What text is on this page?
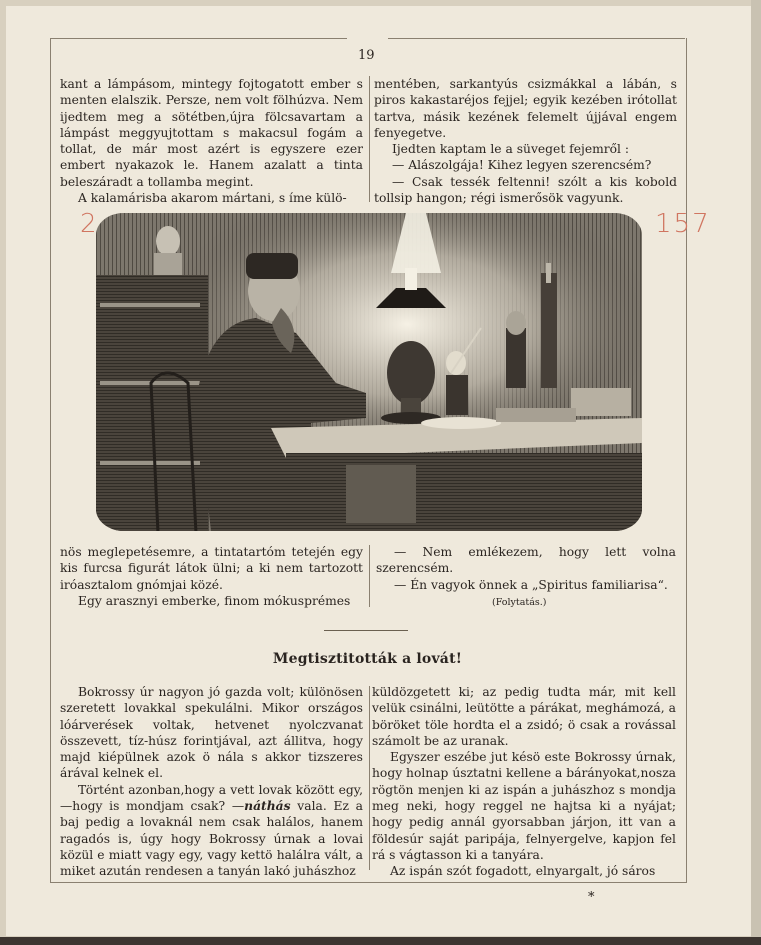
19

kant a lámpásom, mintegy fojtogatott ember s menten elalszik. Persze, nem volt fölhúzva. Nem ijedtem meg a sötétben,újra fölcsavartam a lámpást meggyujtottam s makacsul fogám a tollat, de már most azért is egyszere ezer embert nyakazok le. Hanem azalatt a tinta beleszáradt a tollamba megint.

A kalamárisba akarom mártani, s íme külö-

mentében, sarkantyús csizmákkal a lábán, s piros kakastaréjos fejjel; egyik kezében irótollat tartva, másik kezének felemelt újjával engem fenyegetve.

Ijedten kaptam le a süveget fejemről :

— Alászolgája! Kihez legyen szerencsém?

— Csak tessék feltenni! szólt a kis kobold tollsip hangon; régi ismerősök vagyunk.

2	157

nös meglepetésemre, a tintatartóm tetején egy kis furcsa figurát látok ülni; a ki nem tartozott iróasztalom gnómjai közé.

Egy arasznyi emberke, finom mókusprémes

— Nem emlékezem, hogy lett volna szerencsém.

— Én vagyok önnek a „Spiritus familiarisa“.

(Folytatás.)
Megtisztitották a lovát!

Bokrossy úr nagyon jó gazda volt; különösen szeretett lovakkal spekulálni. Mikor országos lóárverések voltak, hetvenet nyolczvanat összevett, tíz-húsz forintjával, azt állitva, hogy majd kiépülnek azok ö nála s akkor tizszeres árával kelnek el.

Történt azonban,hogy a vett lovak között egy, —hogy is mondjam csak? —náthás vala. Ez a baj pedig a lovaknál nem csak halálos, hanem ragadós is, úgy hogy Bokrossy úrnak a lovai közül e miatt vagy egy, vagy kettö halálra vált, a miket azután rendesen a tanyán lakó juhászhoz

küldözgetett ki; az pedig tudta már, mit kell velük csinálni, leütötte a párákat, meghámozá, a böröket töle hordta el a zsidó; ö csak a rovással számolt be az uranak.

Egyszer eszébe jut késö este Bokrossy úrnak, hogy holnap úsztatni kellene a bárányokat,nosza rögtön menjen ki az ispán a juhászhoz s mondja meg neki, hogy reggel ne hajtsa ki a nyájat; hogy pedig annál gyorsabban járjon, itt van a földesúr saját paripája, felnyergelve, kapjon fel rá s vágtasson ki a tanyára.

Az ispán szót fogadott, elnyargalt, jó sáros

*
